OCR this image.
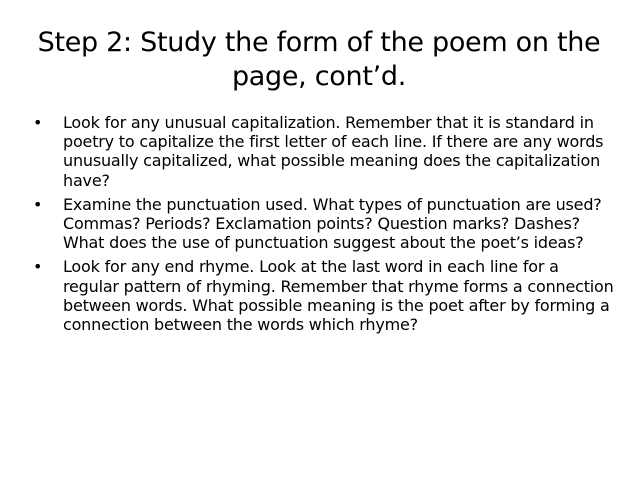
Step 2: Study the form of the poem on the page, cont’d.
• Look for any unusual capitalization. Remember that it is standard in poetry to capitalize the first letter of each line. If there are any words unusually capitalized, what possible meaning does the capitalization have?
• Examine the punctuation used. What types of punctuation are used? Commas? Periods? Exclamation points? Question marks? Dashes? What does the use of punctuation suggest about the poet’s ideas?
• Look for any end rhyme. Look at the last word in each line for a regular pattern of rhyming. Remember that rhyme forms a connection between words. What possible meaning is the poet after by forming a connection between the words which rhyme?
